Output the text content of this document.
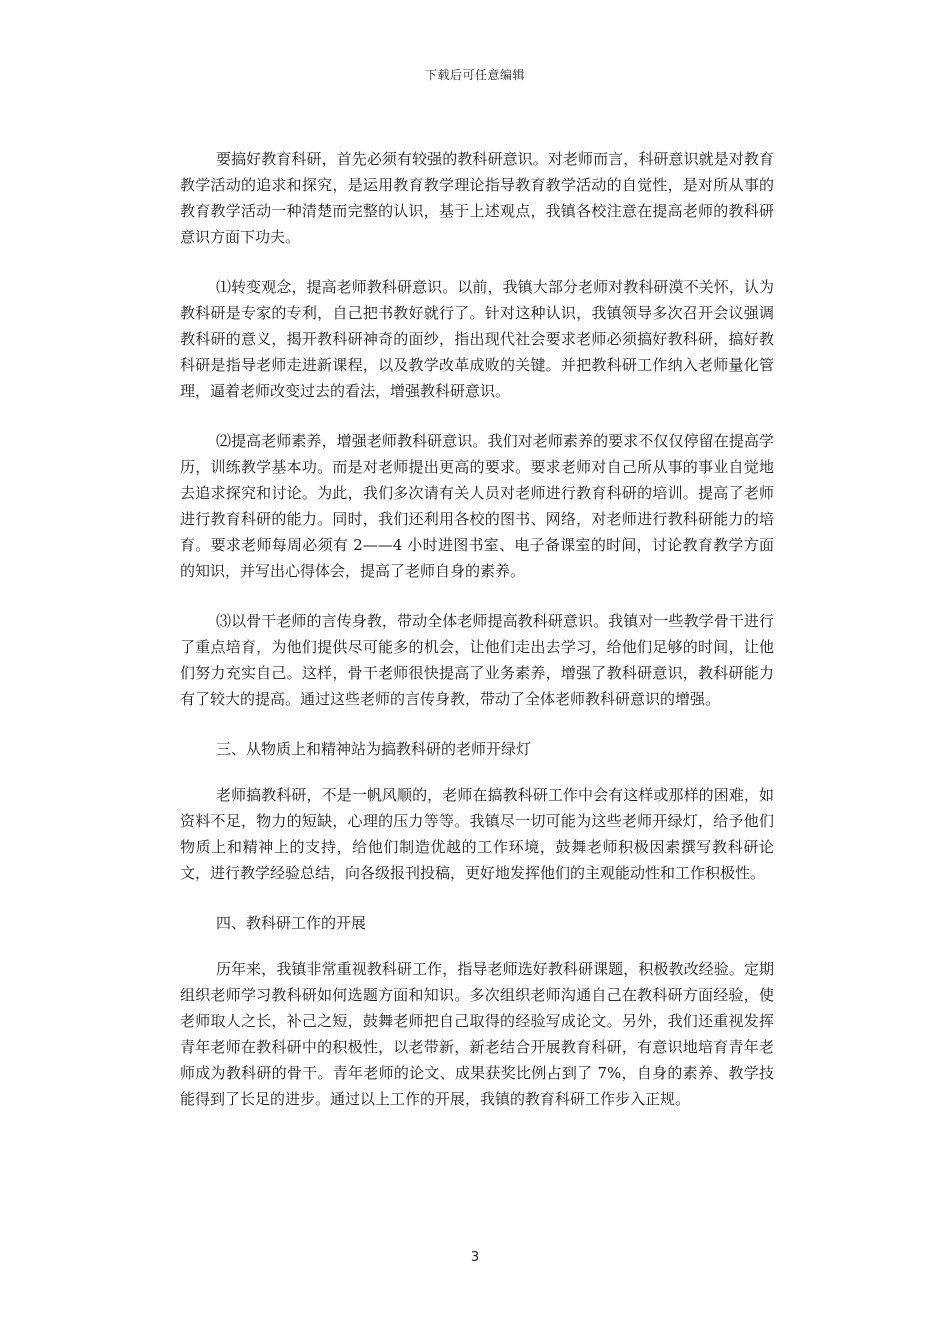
下载后可任意编辑

要搞好教育科研，首先必须有较强的教科研意识。对老师而言，科研意识就是对教育教学活动的追求和探究，是运用教育教学理论指导教育教学活动的自觉性，是对所从事的教育教学活动一种清楚而完整的认识，基于上述观点，我镇各校注意在提高老师的教科研意识方面下功夫。

⑴转变观念，提高老师教科研意识。以前，我镇大部分老师对教科研漠不关怀，认为教科研是专家的专利，自己把书教好就行了。针对这种认识，我镇领导多次召开会议强调教科研的意义，揭开教科研神奇的面纱，指出现代社会要求老师必须搞好教科研，搞好教科研是指导老师走进新课程，以及教学改革成败的关键。并把教科研工作纳入老师量化管理，逼着老师改变过去的看法，增强教科研意识。

⑵提高老师素养，增强老师教科研意识。我们对老师素养的要求不仅仅停留在提高学历，训练教学基本功。而是对老师提出更高的要求。要求老师对自己所从事的事业自觉地去追求探究和讨论。为此，我们多次请有关人员对老师进行教育科研的培训。提高了老师进行教育科研的能力。同时，我们还利用各校的图书、网络，对老师进行教科研能力的培育。要求老师每周必须有 2——4 小时进图书室、电子备课室的时间，讨论教育教学方面的知识，并写出心得体会，提高了老师自身的素养。

⑶以骨干老师的言传身教，带动全体老师提高教科研意识。我镇对一些教学骨干进行了重点培育，为他们提供尽可能多的机会，让他们走出去学习，给他们足够的时间，让他们努力充实自己。这样，骨干老师很快提高了业务素养，增强了教科研意识，教科研能力有了较大的提高。通过这些老师的言传身教，带动了全体老师教科研意识的增强。

三、从物质上和精神站为搞教科研的老师开绿灯

老师搞教科研，不是一帆风顺的，老师在搞教科研工作中会有这样或那样的困难，如资料不足，物力的短缺，心理的压力等等。我镇尽一切可能为这些老师开绿灯，给予他们物质上和精神上的支持，给他们制造优越的工作环境，鼓舞老师积极因素撰写教科研论文，进行教学经验总结，向各级报刊投稿，更好地发挥他们的主观能动性和工作积极性。

四、教科研工作的开展

历年来，我镇非常重视教科研工作，指导老师选好教科研课题，积极教改经验。定期组织老师学习教科研如何选题方面和知识。多次组织老师沟通自己在教科研方面经验，使老师取人之长，补己之短，鼓舞老师把自己取得的经验写成论文。另外，我们还重视发挥青年老师在教科研中的积极性，以老带新，新老结合开展教育科研，有意识地培育青年老师成为教科研的骨干。青年老师的论文、成果获奖比例占到了 7%，自身的素养、教学技能得到了长足的进步。通过以上工作的开展，我镇的教育科研工作步入正规。

3
